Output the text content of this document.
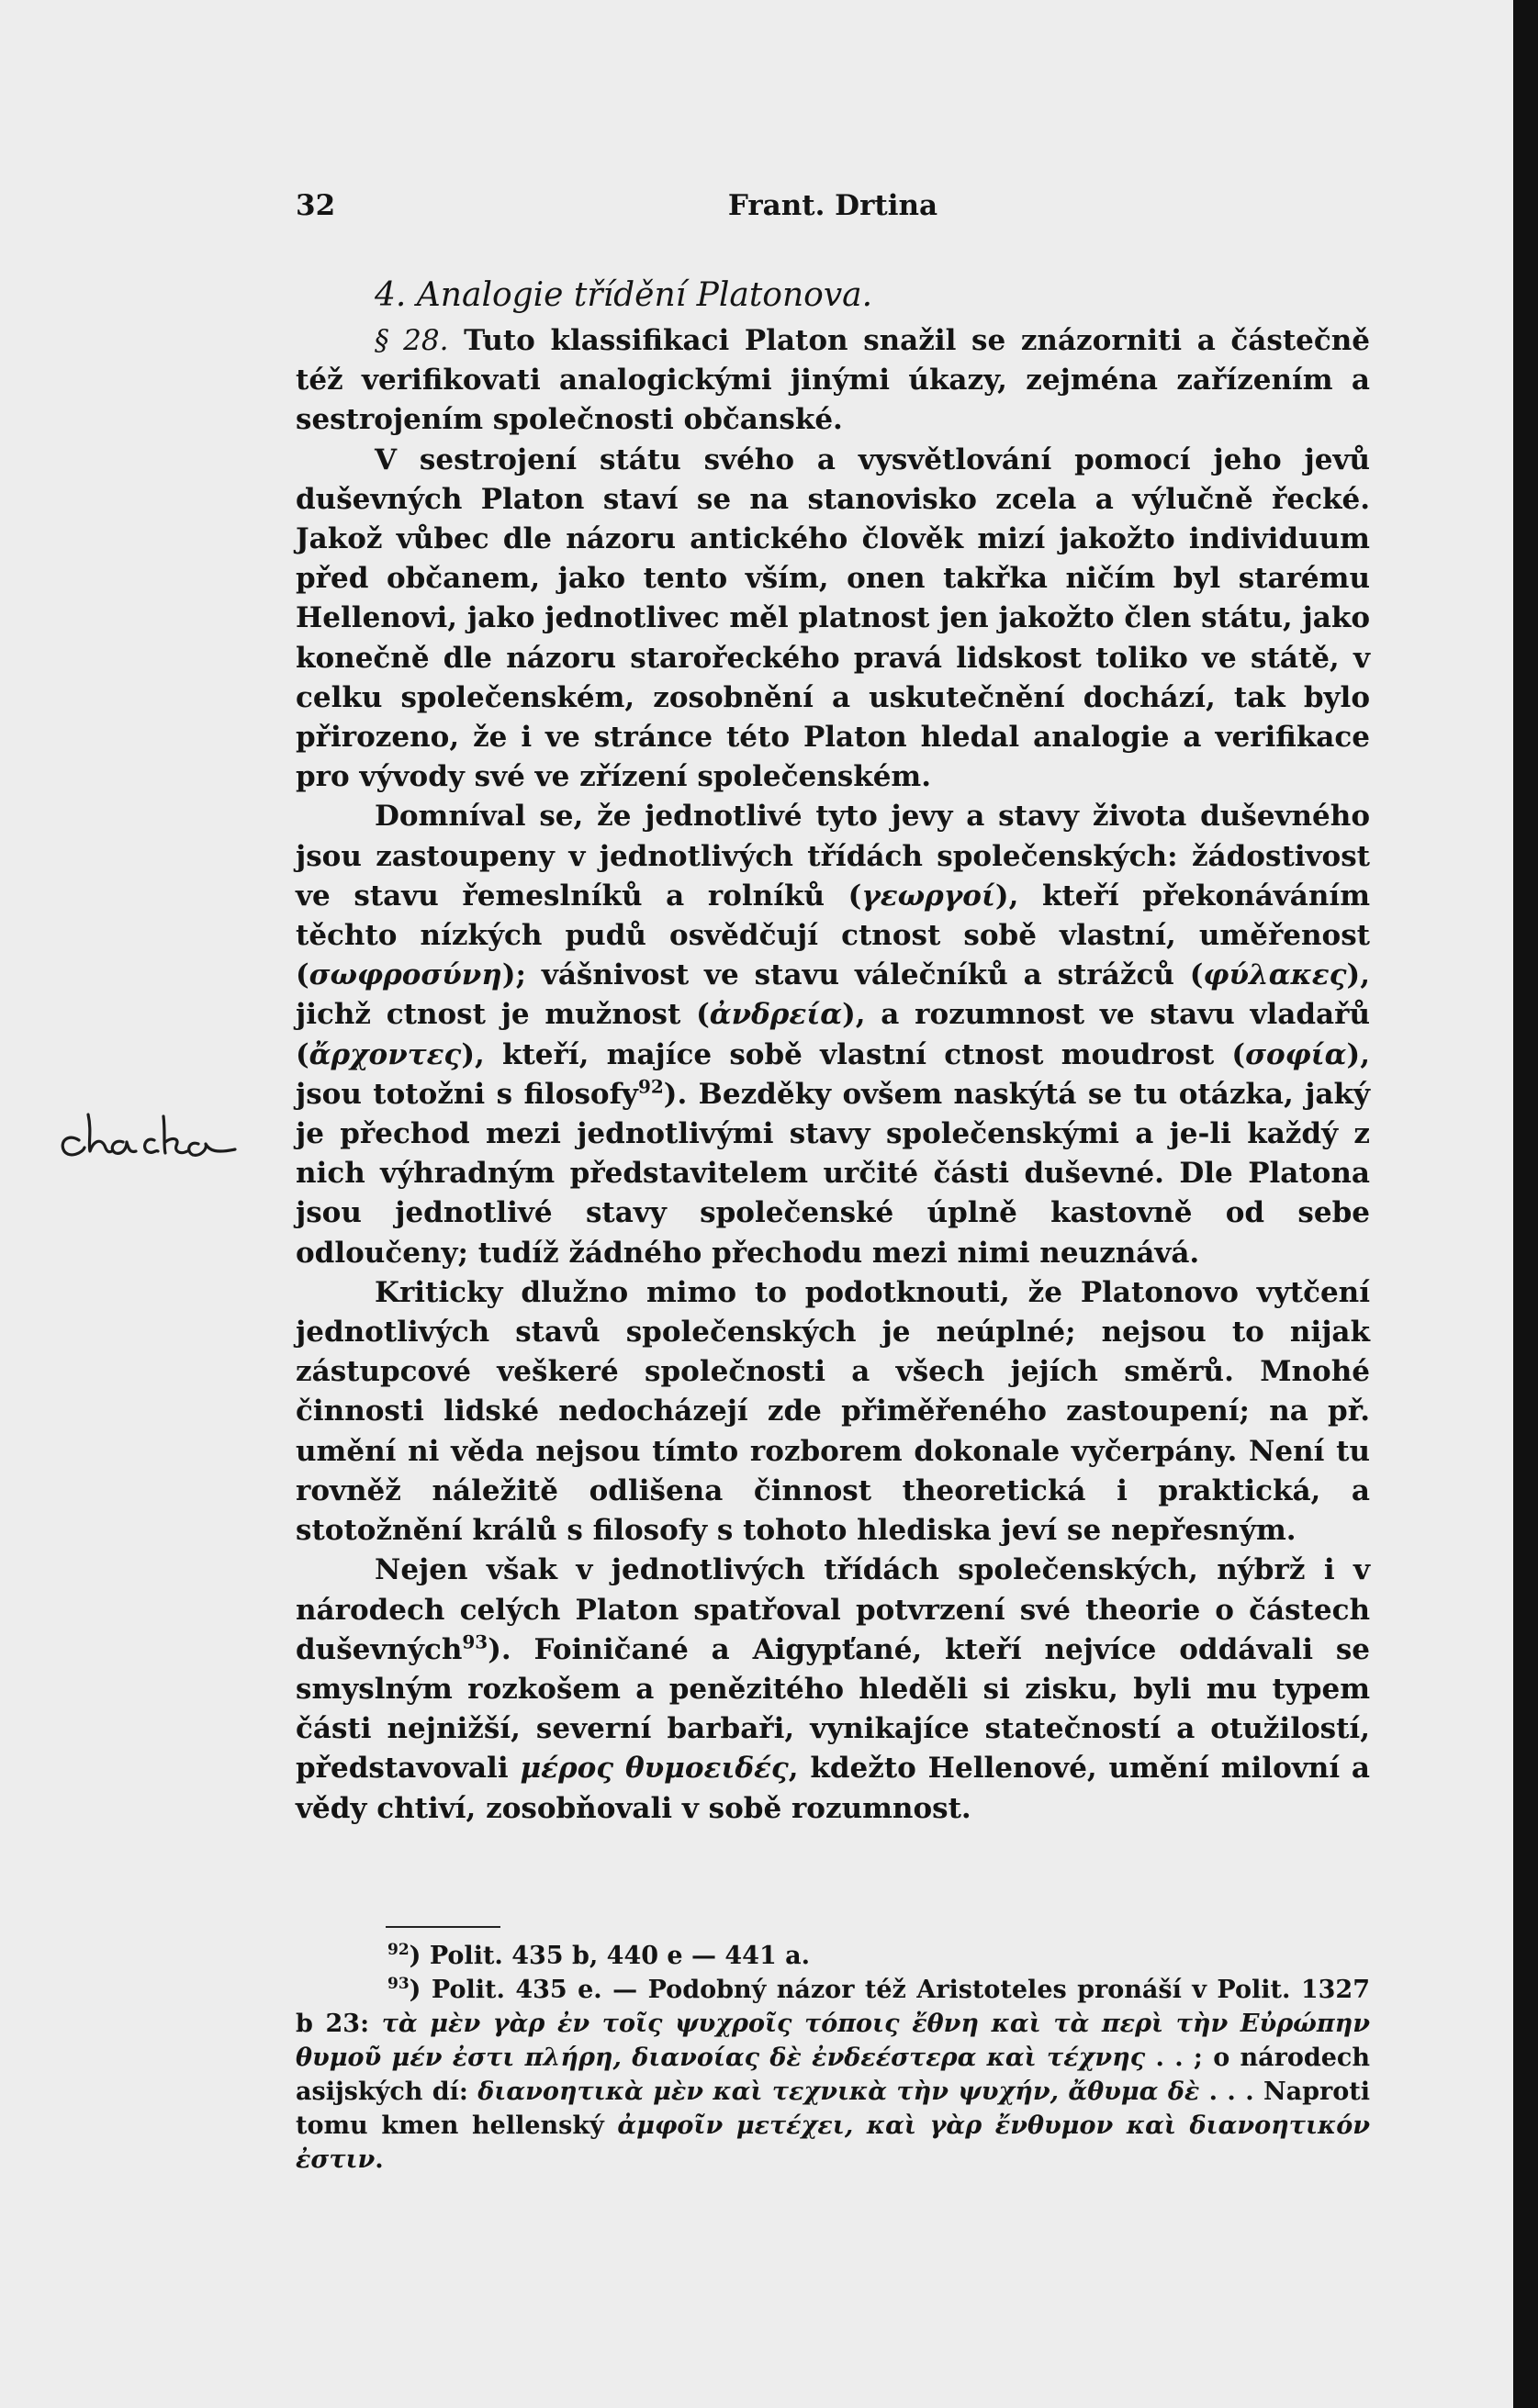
32	Frant. Drtina
4. Analogie třídění Platonova.

§ 28. Tuto klassifikaci Platon snažil se znázorniti a částečně též verifikovati analogickými jinými úkazy, zejména zařízením a sestrojením společnosti občanské.

V sestrojení státu svého a vysvětlování pomocí jeho jevů duševných Platon staví se na stanovisko zcela a výlučně řecké. Jakož vůbec dle názoru antického člověk mizí jakožto individuum před občanem, jako tento vším, onen takřka ničím byl starému Hellenovi, jako jednotlivec měl platnost jen jakožto člen státu, jako konečně dle názoru starořeckého pravá lidskost toliko ve státě, v celku společenském, zosobnění a uskutečnění dochází, tak bylo přirozeno, že i ve stránce této Platon hledal analogie a verifikace pro vývody své ve zřízení společenském.

Domníval se, že jednotlivé tyto jevy a stavy života duševného jsou zastoupeny v jednotlivých třídách společenských: žádostivost ve stavu řemeslníků a rolníků (γεωργοί), kteří překonáváním těchto nízkých pudů osvědčují ctnost sobě vlastní, uměřenost (σωφροσύνη); vášnivost ve stavu válečníků a strážců (φύλακες), jichž ctnost je mužnost (ἀνδρεία), a rozumnost ve stavu vladařů (ἄρχοντες), kteří, majíce sobě vlastní ctnost moudrost (σοφία), jsou totožni s filosofy$^{92}$). Bezděky ovšem naskýtá se tu otázka, jaký je přechod mezi jednotlivými stavy společenskými a je-li každý z nich výhradným představitelem určité části duševné. Dle Platona jsou jednotlivé stavy společenské úplně kastovně od sebe odloučeny; tudíž žádného přechodu mezi nimi neuznává.

Kriticky dlužno mimo to podotknouti, že Platonovo vytčení jednotlivých stavů společenských je neúplné; nejsou to nijak zástupcové veškeré společnosti a všech jejích směrů. Mnohé činnosti lidské nedocházejí zde přiměřeného zastoupení; na př. umění ni věda nejsou tímto rozborem dokonale vyčerpány. Není tu rovněž náležitě odlišena činnost theoretická i praktická, a stotožnění králů s filosofy s tohoto hlediska jeví se nepřesným.

Nejen však v jednotlivých třídách společenských, nýbrž i v národech celých Platon spatřoval potvrzení své theorie o částech duševných$^{93}$). Foiničané a Aigypťané, kteří nejvíce oddávali se smyslným rozkošem a penězitého hleděli si zisku, byli mu typem části nejnižší, severní barbaři, vynikajíce statečností a otužilostí, představovali μέρος θυμοειδές, kdežto Hellenové, umění milovní a vědy chtiví, zosobňovali v sobě rozumnost.

$^{92}$) Polit. 435 b, 440 e — 441 a.

$^{93}$) Polit. 435 e. — Podobný názor též Aristoteles pronáší v Polit. 1327 b 23: τὰ μὲν γὰρ ἐν τοῖς ψυχροῖς τόποις ἔθνη καὶ τὰ περὶ τὴν Εὐρώπην θυμοῦ μέν ἐστι πλήρη, διανοίας δὲ ἐνδεέστερα καὶ τέχνης . . ; o národech asijských dí: διανοητικὰ μὲν καὶ τεχνικὰ τὴν ψυχήν, ἄθυμα δὲ . . . Naproti tomu kmen hellenský ἀμφοῖν μετέχει, καὶ γὰρ ἔνθυμον καὶ διανοητικόν ἐστιν.
